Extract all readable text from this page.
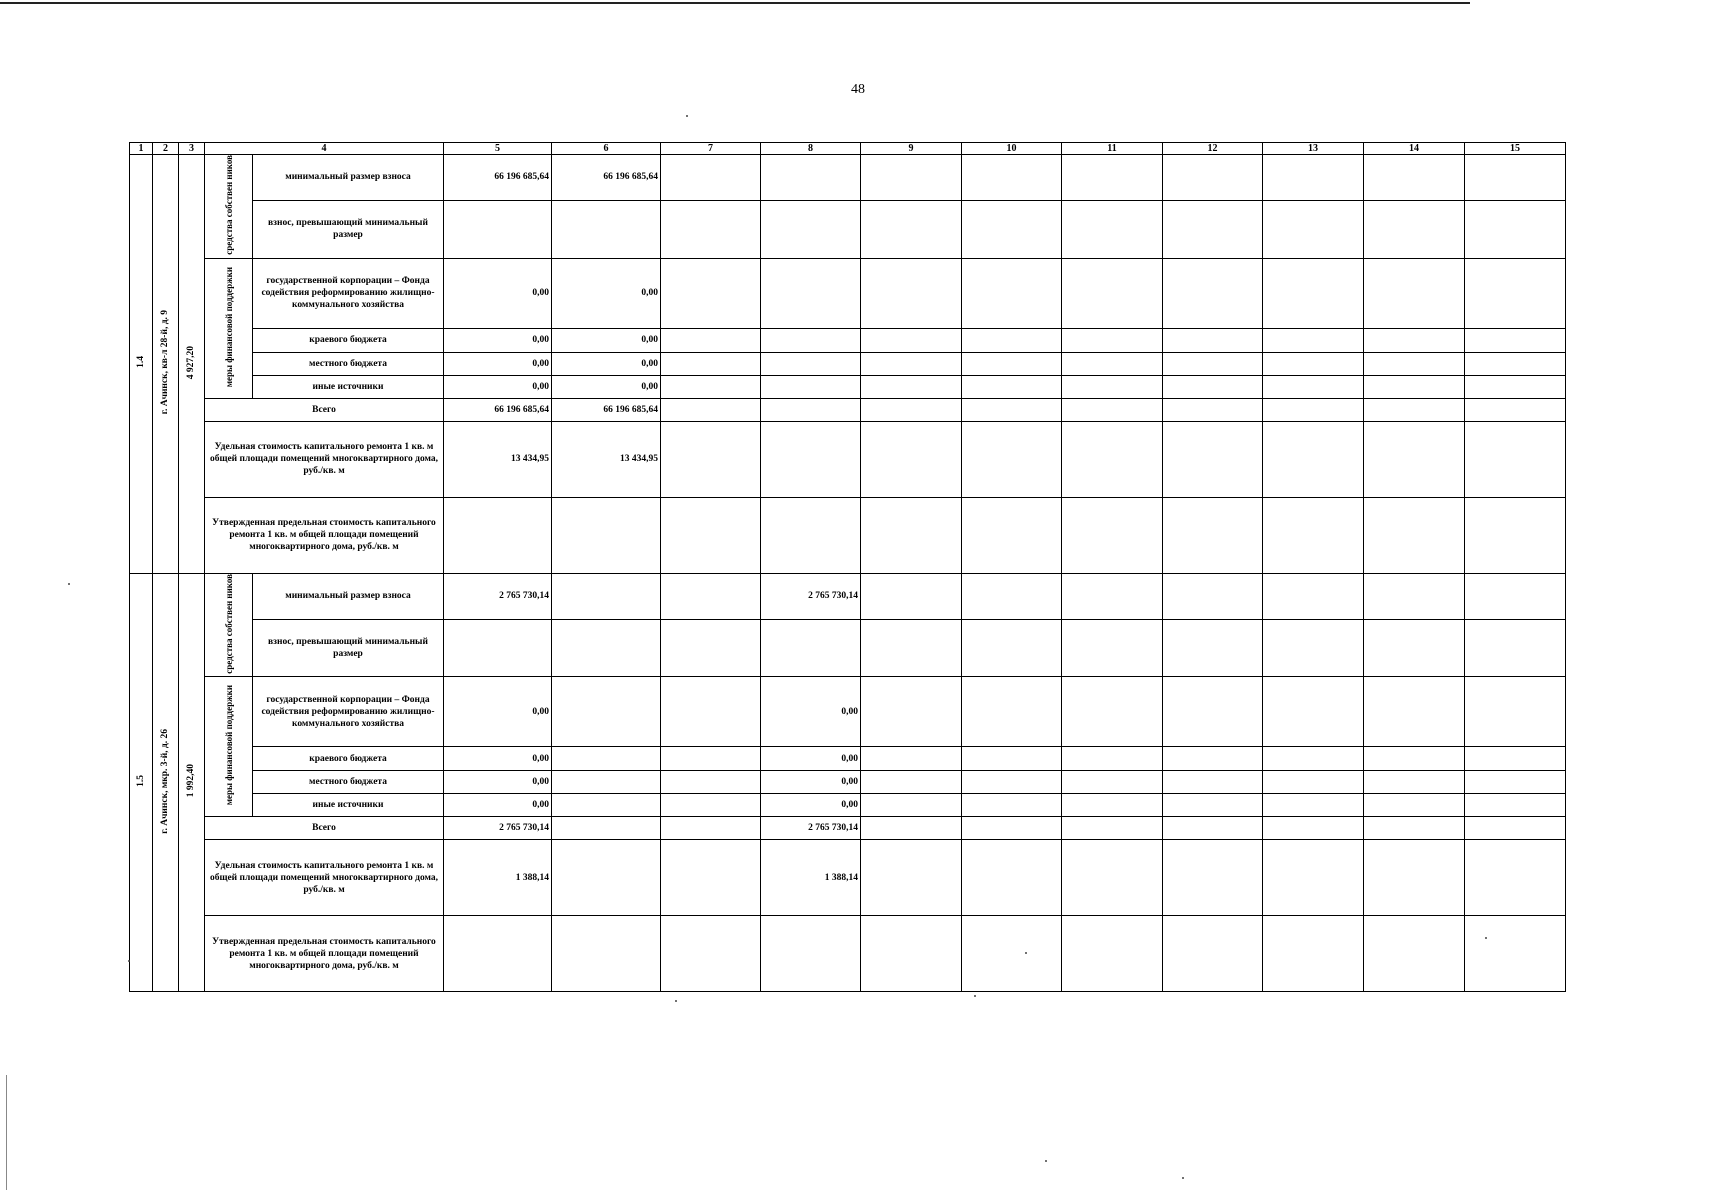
48
1	2	3	4		5	6	7	8	9	10	11	12	13	14	15
1.4	г. Ачинск, кв-л 28-й, д. 9	4 927,20	средства собствен ников	минимальный размер взноса	66 196 685,64	66 196 685,64									
				взнос, превышающий минимальный размер											
			меры финансовой поддержки	государственной корпорации – Фонда содействия реформированию жилищно-коммунального хозяйства	0,00	0,00									
				краевого бюджета	0,00	0,00									
				местного бюджета	0,00	0,00									
				иные источники	0,00	0,00									
			Всего		66 196 685,64	66 196 685,64									
			Удельная стоимость капитального ремонта 1 кв. м общей площади помещений многоквартирного дома, руб./кв. м		13 434,95	13 434,95									
			Утвержденная предельная стоимость капитального ремонта 1 кв. м общей площади помещений многоквартирного дома, руб./кв. м												
1.5	г. Ачинск, мкр. 3-й, д. 26	1 992,40	средства собствен ников	минимальный размер взноса	2 765 730,14			2 765 730,14							
				взнос, превышающий минимальный размер											
			меры финансовой поддержки	государственной корпорации – Фонда содействия реформированию жилищно-коммунального хозяйства	0,00			0,00							
				краевого бюджета	0,00			0,00							
				местного бюджета	0,00			0,00							
				иные источники	0,00			0,00							
			Всего		2 765 730,14			2 765 730,14							
			Удельная стоимость капитального ремонта 1 кв. м общей площади помещений многоквартирного дома, руб./кв. м		1 388,14			1 388,14							
			Утвержденная предельная стоимость капитального ремонта 1 кв. м общей площади помещений многоквартирного дома, руб./кв. м												
